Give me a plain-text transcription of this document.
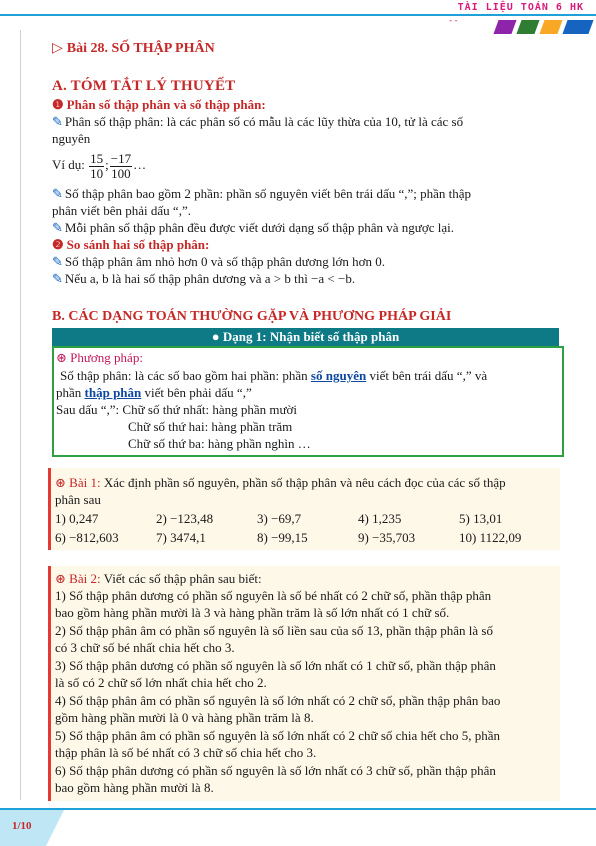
TÀI LIỆU TOÁN 6 HK
--
▷ Bài 28. SỐ THẬP PHÂN
A. TÓM TẮT LÝ THUYẾT
❶ Phân số thập phân và số thập phân:
✎ Phân số thập phân: là các phân số có mẫu là các lũy thừa của 10, tử là các số
nguyên
Ví dụ: $\frac{15}{10}$ ; $\frac{-17}{100}$ …
✎ Số thập phân bao gồm 2 phần: phần số nguyên viết bên trái dấu “,”; phần thập
phân viết bên phải dấu “,”.
✎ Mỗi phân số thập phân đều được viết dưới dạng số thập phân và ngược lại.
❷ So sánh hai số thập phân:
✎ Số thập phân âm nhỏ hơn 0 và số thập phân dương lớn hơn 0.
✎ Nếu a, b là hai số thập phân dương và a > b thì −a < −b.
B. CÁC DẠNG TOÁN THƯỜNG GẶP VÀ PHƯƠNG PHÁP GIẢI
● Dạng 1: Nhận biết số thập phân
⊛ Phương pháp:
Số thập phân: là các số bao gồm hai phần: phần số nguyên viết bên trái dấu “,” và
phần thập phân viết bên phải dấu “,”
Sau dấu “,”: Chữ số thứ nhất: hàng phần mười
Chữ số thứ hai: hàng phần trăm
Chữ số thứ ba: hàng phần nghìn …
⊛ Bài 1: Xác định phần số nguyên, phần số thập phân và nêu cách đọc của các số thập
phân sau
1) 0,247	2) −123,48	3) −69,7	4) 1,235	5) 13,01
6) −812,603	7) 3474,1	8) −99,15	9) −35,703	10) 1122,09
⊛ Bài 2: Viết các số thập phân sau biết:
1) Số thập phân dương có phần số nguyên là số bé nhất có 2 chữ số, phần thập phân
bao gồm hàng phần mười là 3 và hàng phần trăm là số lớn nhất có 1 chữ số.
2) Số thập phân âm có phần số nguyên là số liền sau của số 13, phần thập phân là số
có 3 chữ số bé nhất chia hết cho 3.
3) Số thập phân dương có phần số nguyên là số lớn nhất có 1 chữ số, phần thập phân
là số có 2 chữ số lớn nhất chia hết cho 2.
4) Số thập phân âm có phần số nguyên là số lớn nhất có 2 chữ số, phần thập phân bao
gồm hàng phần mười là 0 và hàng phần trăm là 8.
5) Số thập phân âm có phần số nguyên là số lớn nhất có 2 chữ số chia hết cho 5, phần
thập phân là số bé nhất có 3 chữ số chia hết cho 3.
6) Số thập phân dương có phần số nguyên là số lớn nhất có 3 chữ số, phần thập phân
bao gồm hàng phần mười là 8.
1/10
